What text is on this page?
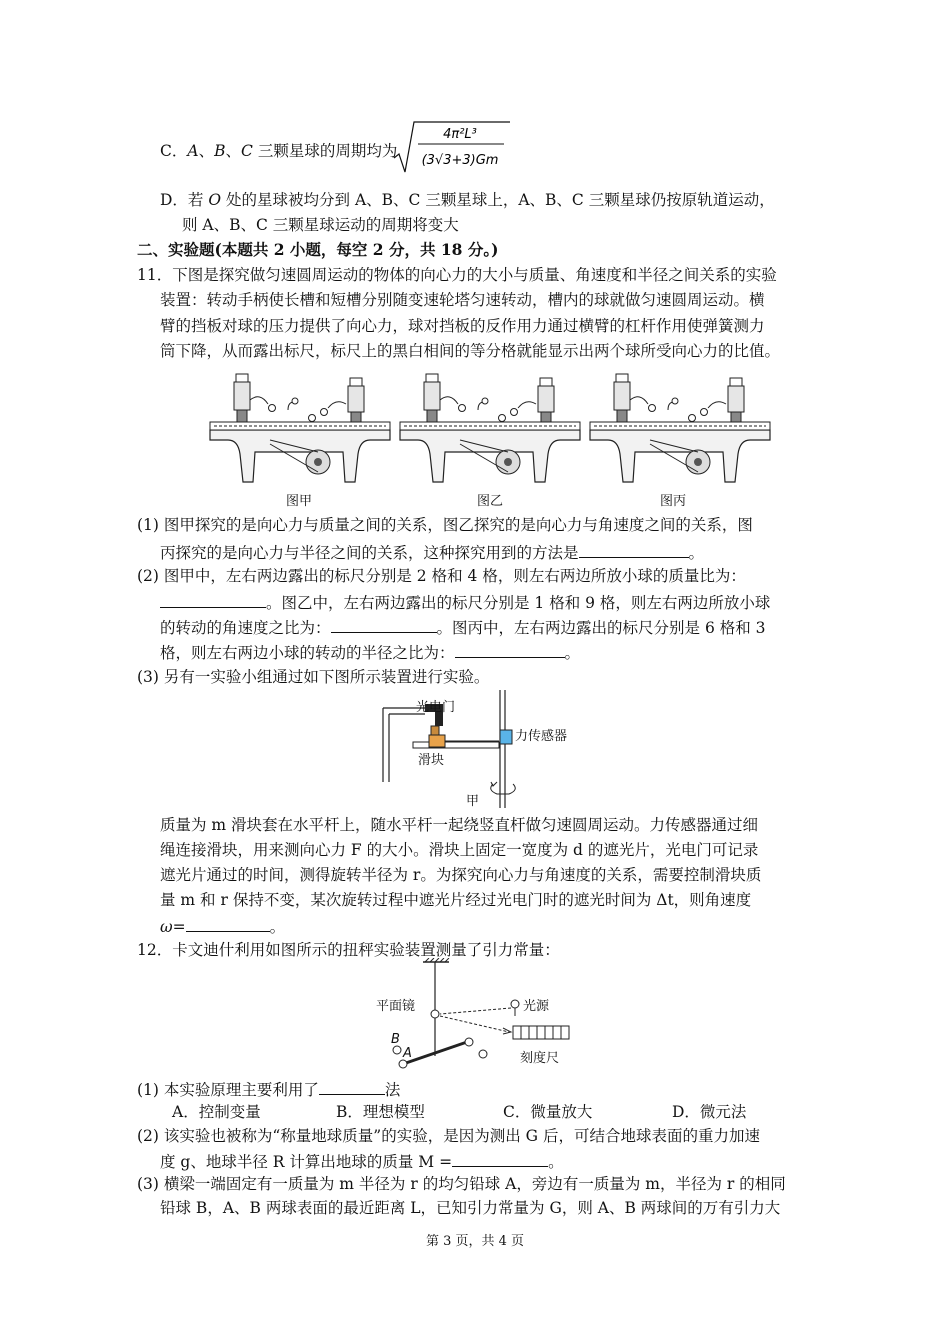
C．A、B、C 三颗星球的周期均为
4π²L³
(3√3+3)Gm
D．若 O 处的星球被均分到 A、B、C 三颗星球上，A、B、C 三颗星球仍按原轨道运动，
则 A、B、C 三颗星球运动的周期将变大
二、实验题(本题共 2 小题，每空 2 分，共 18 分。)
11．下图是探究做匀速圆周运动的物体的向心力的大小与质量、角速度和半径之间关系的实验
装置：转动手柄使长槽和短槽分别随变速轮塔匀速转动，槽内的球就做匀速圆周运动。横
臂的挡板对球的压力提供了向心力，球对挡板的反作用力通过横臂的杠杆作用使弹簧测力
筒下降，从而露出标尺，标尺上的黑白相间的等分格就能显示出两个球所受向心力的比值。
图甲	图乙	图丙
(1) 图甲探究的是向心力与质量之间的关系，图乙探究的是向心力与角速度之间的关系，图
丙探究的是向心力与半径之间的关系，这种探究用到的方法是	。
(2) 图甲中，左右两边露出的标尺分别是 2 格和 4 格，则左右两边所放小球的质量比为：
。图乙中，左右两边露出的标尺分别是 1 格和 9 格，则左右两边所放小球
的转动的角速度之比为：	。图丙中，左右两边露出的标尺分别是 6 格和 3
格，则左右两边小球的转动的半径之比为：	。
(3) 另有一实验小组通过如下图所示装置进行实验。
光电门
力传感器
滑块
甲
质量为 m 滑块套在水平杆上，随水平杆一起绕竖直杆做匀速圆周运动。力传感器通过细
绳连接滑块，用来测向心力 F 的大小。滑块上固定一宽度为 d 的遮光片，光电门可记录
遮光片通过的时间，测得旋转半径为 r。为探究向心力与角速度的关系，需要控制滑块质
量 m 和 r 保持不变，某次旋转过程中遮光片经过光电门时的遮光时间为 Δt，则角速度
ω=	。
12．卡文迪什利用如图所示的扭秤实验装置测量了引力常量：
平面镜	光源
刻度尺
B
A
(1) 本实验原理主要利用了	法
A．控制变量	B．理想模型	C．微量放大	D．微元法
(2) 该实验也被称为“称量地球质量”的实验，是因为测出 G 后，可结合地球表面的重力加速
度 g、地球半径 R 计算出地球的质量 M =	。
(3) 横梁一端固定有一质量为 m 半径为 r 的均匀铅球 A，旁边有一质量为 m，半径为 r 的相同
铅球 B，A、B 两球表面的最近距离 L，已知引力常量为 G，则 A、B 两球间的万有引力大
第 3 页，共 4 页
